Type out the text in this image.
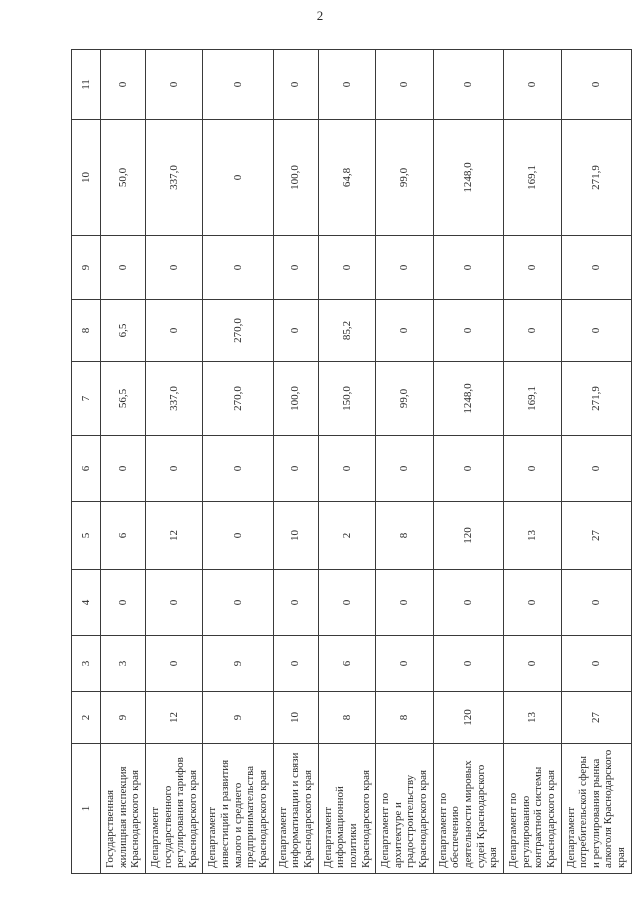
2
1	2	3	4	5	6	7	8	9	10	11
Государственная жилищная инспекция Краснодарского края	9	3	0	6	0	56,5	6,5	0	50,0	0
Департамент государственного регулирования тарифов Краснодарского края	12	0	0	12	0	337,0	0	0	337,0	0
Департамент инвестиций и развития малого и среднего предпринимательства Краснодарского края	9	9	0	0	0	270,0	270,0	0	0	0
Департамент информатизации и связи Краснодарского края	10	0	0	10	0	100,0	0	0	100,0	0
Департамент информационной политики Краснодарского края	8	6	0	2	0	150,0	85,2	0	64,8	0
Департамент по архитектуре и градостроительству Краснодарского края	8	0	0	8	0	99,0	0	0	99,0	0
Департамент по обеспечению деятельности мировых судей Краснодарского края	120	0	0	120	0	1248,0	0	0	1248,0	0
Департамент по регулированию контрактной системы Краснодарского края	13	0	0	13	0	169,1	0	0	169,1	0
Департамент потребительской сферы и регулирования рынка алкоголя Краснодарского края	27	0	0	27	0	271,9	0	0	271,9	0
